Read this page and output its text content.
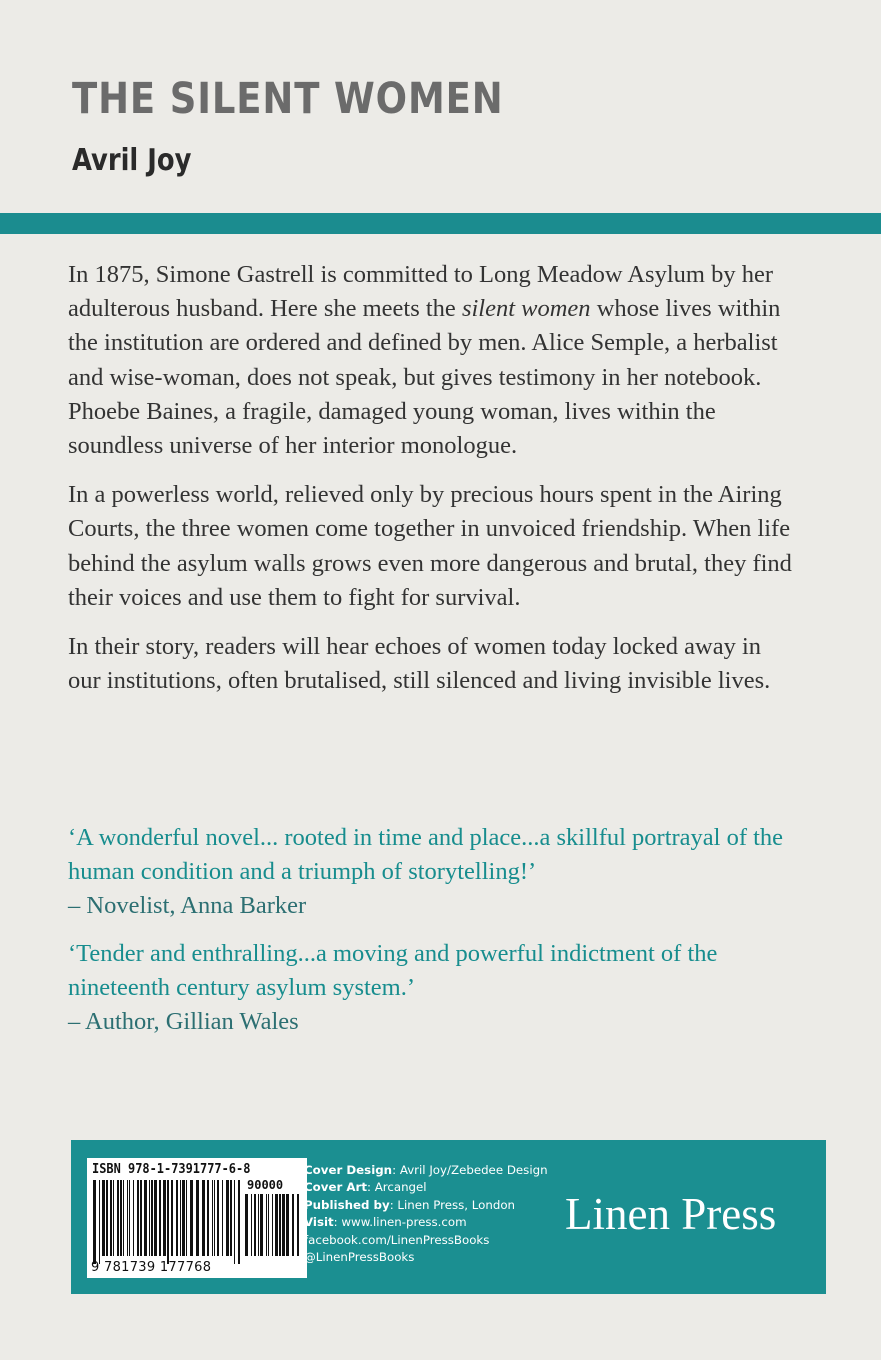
THE SILENT WOMEN
Avril Joy

In 1875, Simone Gastrell is committed to Long Meadow Asylum by her adulterous husband. Here she meets the silent women whose lives within the institution are ordered and defined by men. Alice Semple, a herbalist and wise-woman, does not speak, but gives testimony in her notebook. Phoebe Baines, a fragile, damaged young woman, lives within the soundless universe of her interior monologue.

In a powerless world, relieved only by precious hours spent in the Airing Courts, the three women come together in unvoiced friendship. When life behind the asylum walls grows even more dangerous and brutal, they find their voices and use them to fight for survival.

In their story, readers will hear echoes of women today locked away in our institutions, often brutalised, still silenced and living invisible lives.

‘A wonderful novel... rooted in time and place...a skillful portrayal of the human condition and a triumph of storytelling!’
– Novelist, Anna Barker
‘Tender and enthralling...a moving and powerful indictment of the nineteenth century asylum system.’
– Author, Gillian Wales
ISBN 978-1-7391777-6-8
90000
9 781739 177768
Cover Design: Avril Joy/Zebedee Design
Cover Art: Arcangel
Published by: Linen Press, London
Visit: www.linen-press.com
facebook.com/LinenPressBooks
@LinenPressBooks
Linen Press
